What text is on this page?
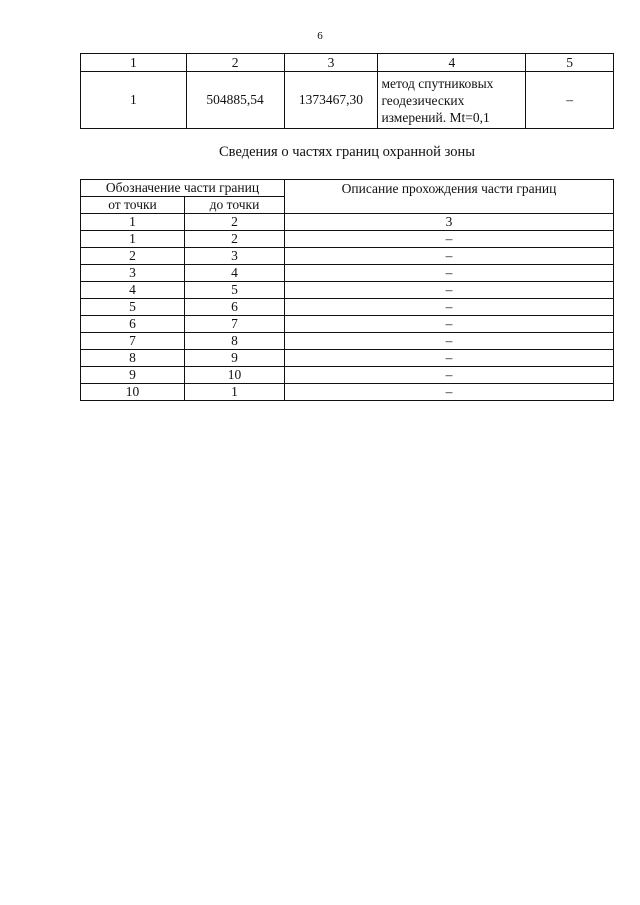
6
1	2	3	4	5
1	504885,54	1373467,30	метод спутниковых
геодезических
измерений. Mt=0,1	–
Сведения о частях границ охранной зоны
Обозначение части границ		Описание прохождения части границ
от точки	до точки	
1	2	3
1	2	–
2	3	–
3	4	–
4	5	–
5	6	–
6	7	–
7	8	–
8	9	–
9	10	–
10	1	–
